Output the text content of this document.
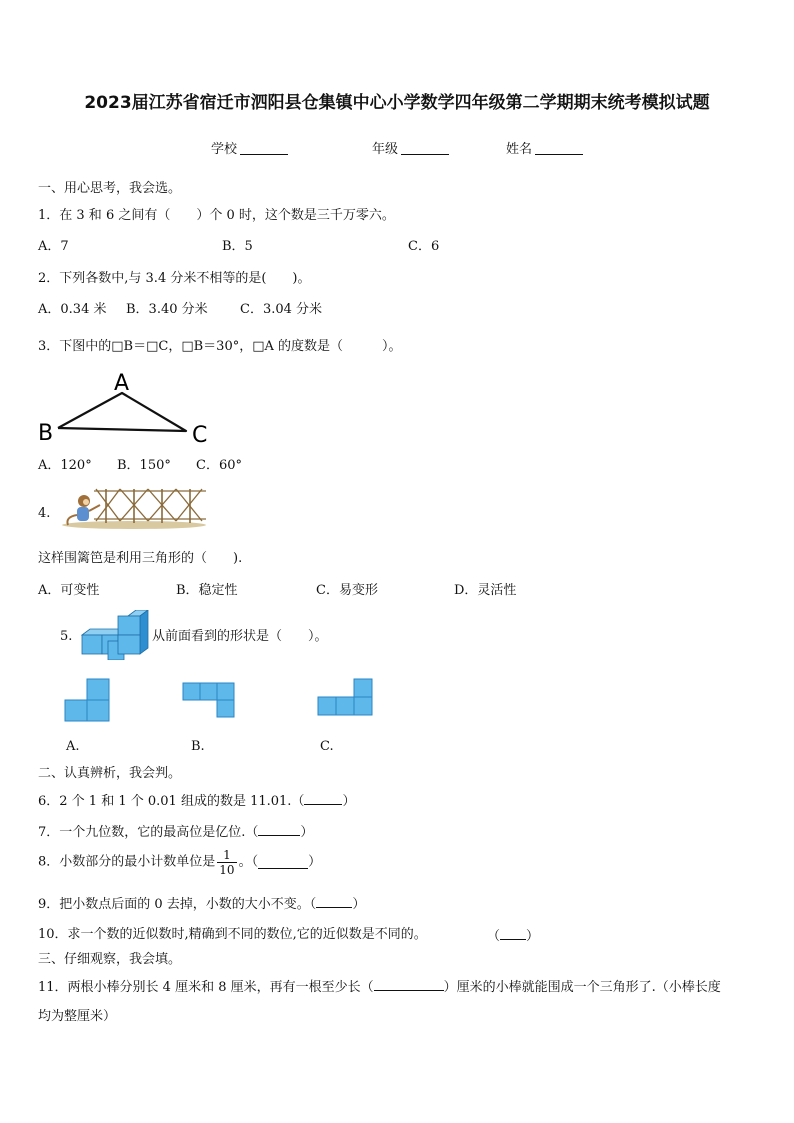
2023届江苏省宿迁市泗阳县仓集镇中心小学数学四年级第二学期期末统考模拟试题
学校	年级	姓名
一、用心思考，我会选。
1．在 3 和 6 之间有（　　）个 0 时，这个数是三千万零六。
A．7	B．5	C．6
2．下列各数中,与 3.4 分米不相等的是(　　)。
A．0.34 米 B．3.40 分米 C．3.04 分米
3．下图中的□B＝□C，□B＝30°，□A 的度数是（　　　）。
A
B	C
A．120° B．150° C．60°
4.
这样围篱笆是利用三角形的（　　).
A．可变性	B．稳定性	C．易变形	D．灵活性
5.	从前面看到的形状是（　　）。
A.	B.	C.
二、认真辨析，我会判。
6．2 个 1 和 1 个 0.01 组成的数是 11.01.（	）
7．一个九位数，它的最高位是亿位.（	）
8．小数部分的最小计数单位是 $\frac{1}{10}$ 。（	）
9．把小数点后面的 0 去掉，小数的大小不变。（	）
10．求一个数的近似数时,精确到不同的数位,它的近似数是不同的。	（ ）
三、仔细观察，我会填。
11．两根小棒分别长 4 厘米和 8 厘米，再有一根至少长（	）厘米的小棒就能围成一个三角形了.（小棒长度
均为整厘米）
